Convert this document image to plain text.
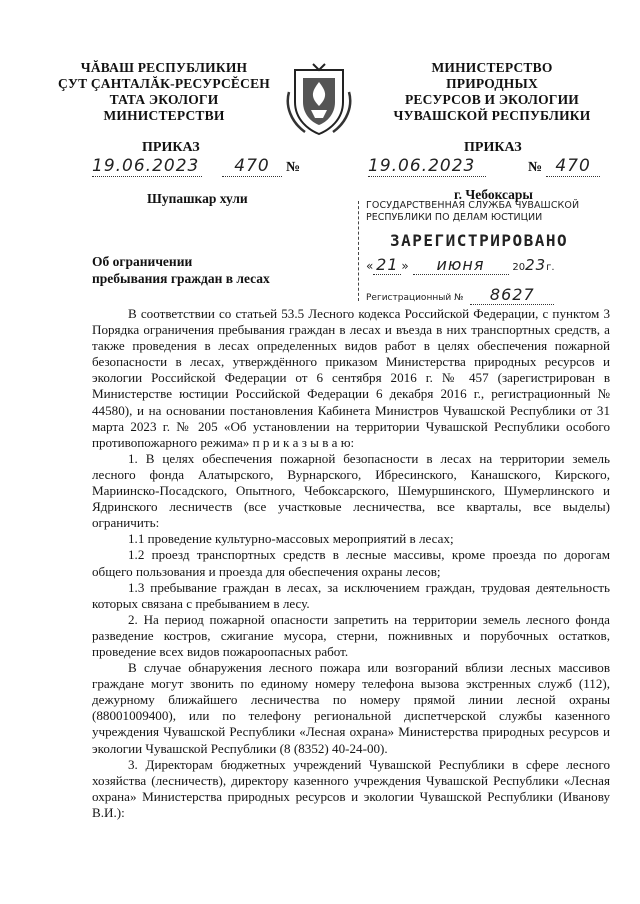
ЧĂВАШ РЕСПУБЛИКИН
ÇУТ ÇАНТАЛĂК-РЕСУРСĔСЕН
ТАТА ЭКОЛОГИ
МИНИСТЕРСТВИ
МИНИСТЕРСТВО
ПРИРОДНЫХ
РЕСУРСОВ И ЭКОЛОГИИ
ЧУВАШСКОЙ РЕСПУБЛИКИ
ПРИКАЗ	ПРИКАЗ
19.06.2023 470 №	19.06.2023	№ 470
Шупашкар хули	г. Чебоксары
ГОСУДАРСТВЕННАЯ СЛУЖБА ЧУВАШСКОЙ
РЕСПУБЛИКИ ПО ДЕЛАМ ЮСТИЦИИ
ЗАРЕГИСТРИРОВАНО
« 21 » июня	2023г.
Регистрационный № 8627
Об ограничении
пребывания граждан в лесах

В соответствии со статьей 53.5 Лесного кодекса Российской Федерации, с пунктом 3 Порядка ограничения пребывания граждан в лесах и въезда в них транспортных средств, а также проведения в лесах определенных видов работ в целях обеспечения пожарной безопасности в лесах, утверждённого приказом Министерства природных ресурсов и экологии Российской Федерации от 6 сентября 2016 г. № 457 (зарегистрирован в Министерстве юстиции Российской Федерации 6 декабря 2016 г., регистрационный № 44580), и на основании постановления Кабинета Министров Чувашской Республики от 31 марта 2023 г. № 205 «Об установлении на территории Чувашской Республики особого противопожарного режима» п р и к а з ы в а ю:

1. В целях обеспечения пожарной безопасности в лесах на территории земель лесного фонда Алатырского, Вурнарского, Ибресинского, Канашского, Кирского, Мариинско-Посадского, Опытного, Чебоксарского, Шемуршинского, Шумерлинского и Ядринского лесничеств (все участковые лесничества, все кварталы, все выделы) ограничить:

1.1 проведение культурно-массовых мероприятий в лесах;

1.2 проезд транспортных средств в лесные массивы, кроме проезда по дорогам общего пользования и проезда для обеспечения охраны лесов;

1.3 пребывание граждан в лесах, за исключением граждан, трудовая деятельность которых связана с пребыванием в лесу.

2. На период пожарной опасности запретить на территории земель лесного фонда разведение костров, сжигание мусора, стерни, пожнивных и порубочных остатков, проведение всех видов пожароопасных работ.

В случае обнаружения лесного пожара или возгораний вблизи лесных массивов граждане могут звонить по единому номеру телефона вызова экстренных служб (112), дежурному ближайшего лесничества по номеру прямой линии лесной охраны (88001009400), или по телефону региональной диспетчерской службы казенного учреждения Чувашской Республики «Лесная охрана» Министерства природных ресурсов и экологии Чувашской Республики (8 (8352) 40-24-00).

3. Директорам бюджетных учреждений Чувашской Республики в сфере лесного хозяйства (лесничеств), директору казенного учреждения Чувашской Республики «Лесная охрана» Министерства природных ресурсов и экологии Чувашской Республики (Иванову В.И.):
